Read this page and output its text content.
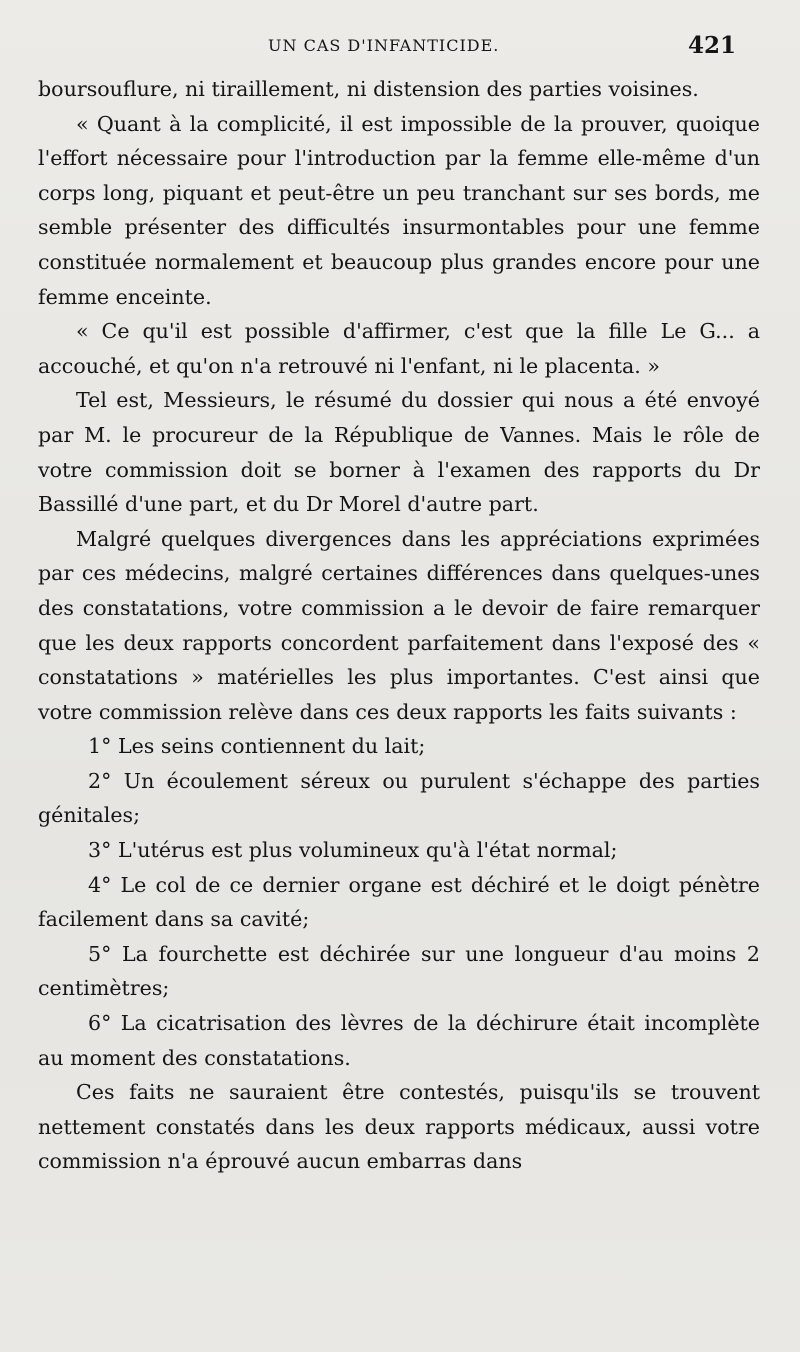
UN CAS D'INFANTICIDE.	421

boursouflure, ni tiraillement, ni distension des parties voisines.

« Quant à la complicité, il est impossible de la prouver, quoique l'effort nécessaire pour l'introduction par la femme elle-même d'un corps long, piquant et peut-être un peu tranchant sur ses bords, me semble présenter des difficultés insurmontables pour une femme constituée normalement et beaucoup plus grandes encore pour une femme enceinte.

« Ce qu'il est possible d'affirmer, c'est que la fille Le G... a accouché, et qu'on n'a retrouvé ni l'enfant, ni le placenta. »

Tel est, Messieurs, le résumé du dossier qui nous a été envoyé par M. le procureur de la République de Vannes. Mais le rôle de votre commission doit se borner à l'examen des rapports du Dr Bassillé d'une part, et du Dr Morel d'autre part.

Malgré quelques divergences dans les appréciations exprimées par ces médecins, malgré certaines différences dans quelques-unes des constatations, votre commission a le devoir de faire remarquer que les deux rapports concordent parfaitement dans l'exposé des « constatations » matérielles les plus importantes. C'est ainsi que votre commission relève dans ces deux rapports les faits suivants :

1° Les seins contiennent du lait;

2° Un écoulement séreux ou purulent s'échappe des parties génitales;

3° L'utérus est plus volumineux qu'à l'état normal;

4° Le col de ce dernier organe est déchiré et le doigt pénètre facilement dans sa cavité;

5° La fourchette est déchirée sur une longueur d'au moins 2 centimètres;

6° La cicatrisation des lèvres de la déchirure était incomplète au moment des constatations.

Ces faits ne sauraient être contestés, puisqu'ils se trouvent nettement constatés dans les deux rapports médicaux, aussi votre commission n'a éprouvé aucun embarras dans
